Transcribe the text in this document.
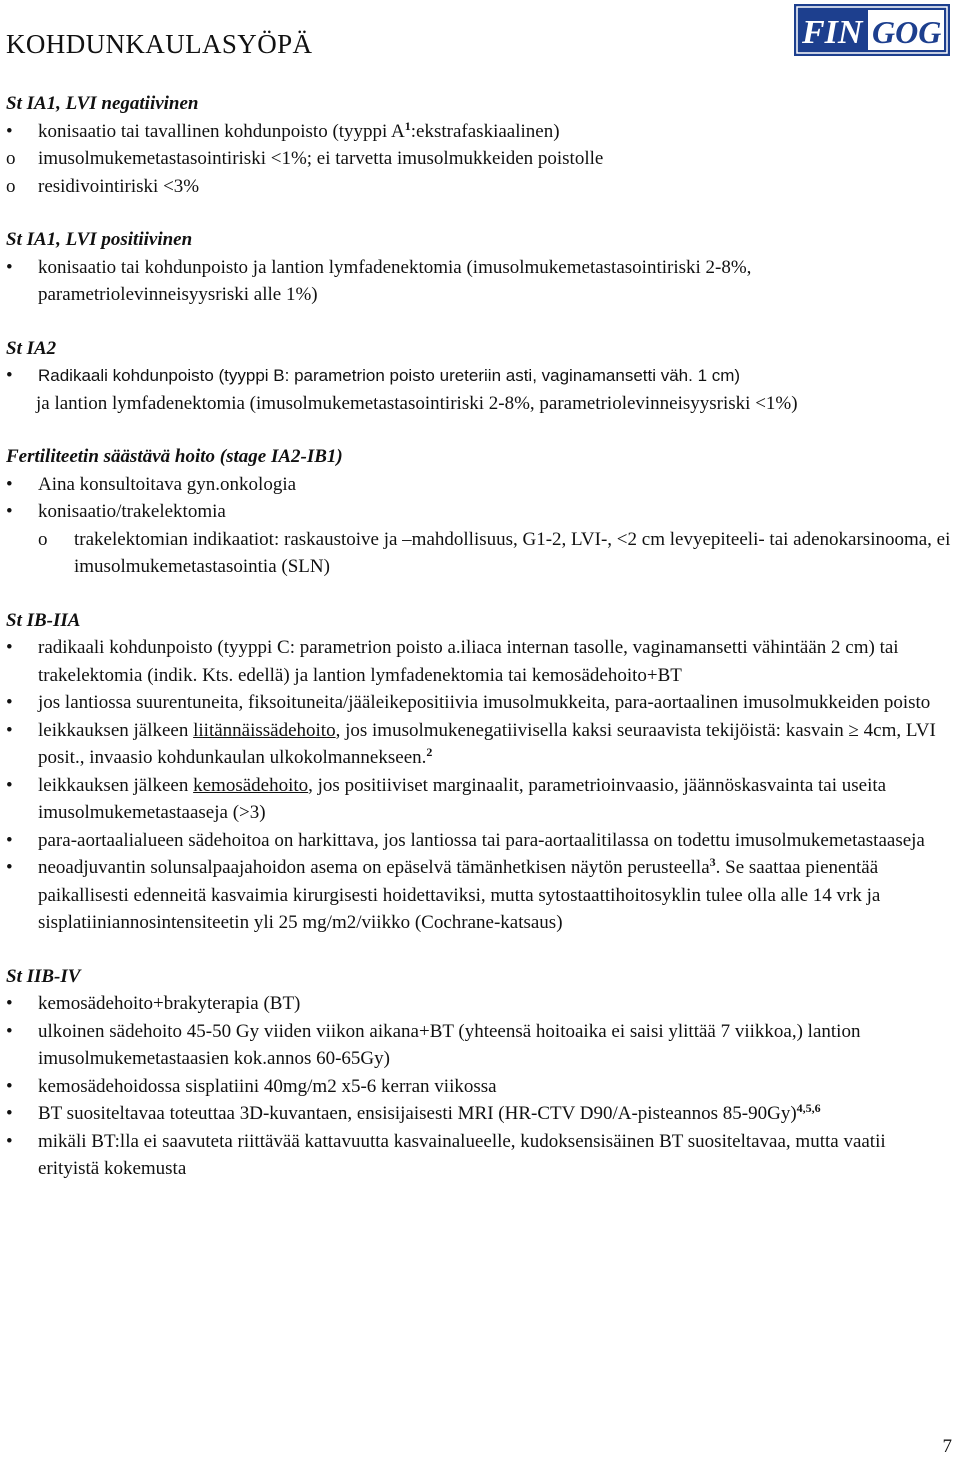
KOHDUNKAULASYÖPÄ	FIN GOG
St IA1, LVI negatiivinen
•	konisaatio tai tavallinen kohdunpoisto (tyyppi $A^1:ekstrafaskiaalinen$)
o	imusolmukemetastasointiriski <1%; ei tarvetta imusolmukkeiden poistolle
o	residivointiriski <3%
St IA1, LVI positiivinen
•	konisaatio tai kohdunpoisto ja lantion lymfadenektomia (imusolmukemetastasointiriski 2-8%, parametriolevinneisyysriski alle 1%)
St IA2
•	Radikaali kohdunpoisto (tyyppi B: parametrion poisto ureteriin asti, vaginamansetti väh. 1 cm)
ja lantion lymfadenektomia (imusolmukemetastasointiriski 2-8%, parametriolevinneisyysriski <1%)
Fertiliteetin säästävä hoito (stage IA2-IB1)
•	Aina konsultoitava gyn.onkologia
•	konisaatio/trakelektomia
o	trakelektomian indikaatiot: raskaustoive ja –mahdollisuus, G1-2, LVI-, <2 cm levyepiteeli- tai adenokarsinooma, ei imusolmukemetastasointia (SLN)
St IB-IIA
•	radikaali kohdunpoisto (tyyppi C: parametrion poisto a.iliaca internan tasolle, vaginamansetti vähintään 2 cm) tai trakelektomia (indik. Kts. edellä) ja lantion lymfadenektomia tai kemosädehoito+BT
•	jos lantiossa suurentuneita, fiksoituneita/jääleikepositiivia imusolmukkeita, para-aortaalinen imusolmukkeiden poisto
•	leikkauksen jälkeen liitännäissädehoito, jos imusolmukenegatiivisella kaksi seuraavista tekijöistä: kasvain ≥ 4cm, LVI posit., invaasio kohdunkaulan ulkokolmannekseen.$^2$
•	leikkauksen jälkeen kemosädehoito, jos positiiviset marginaalit, parametrioinvaasio, jäännöskasvainta tai useita imusolmukemetastaaseja (>3)
•	para-aortaalialueen sädehoitoa on harkittava, jos lantiossa tai para-aortaalitilassa on todettu imusolmukemetastaaseja
•	neoadjuvantin solunsalpaajahoidon asema on epäselvä tämänhetkisen näytön perusteella$^3$. Se saattaa pienentää paikallisesti edenneitä kasvaimia kirurgisesti hoidettaviksi, mutta sytostaattihoitosyklin tulee olla alle 14 vrk ja sisplatiiniannosintensiteetin yli 25 mg/m2/viikko (Cochrane-katsaus)
St IIB-IV
•	kemosädehoito+brakyterapia (BT)
•	ulkoinen sädehoito 45-50 Gy viiden viikon aikana+BT (yhteensä hoitoaika ei saisi ylittää 7 viikkoa,) lantion imusolmukemetastaasien kok.annos 60-65Gy)
•	kemosädehoidossa sisplatiini 40mg/m2 x5-6 kerran viikossa
•	BT suositeltavaa toteuttaa 3D-kuvantaen, ensisijaisesti MRI (HR-CTV D90/A-pisteannos 85-90Gy)$^{4,5,6}$
•	mikäli BT:lla ei saavuteta riittävää kattavuutta kasvainalueelle, kudoksensisäinen BT suositeltavaa, mutta vaatii erityistä kokemusta
7
